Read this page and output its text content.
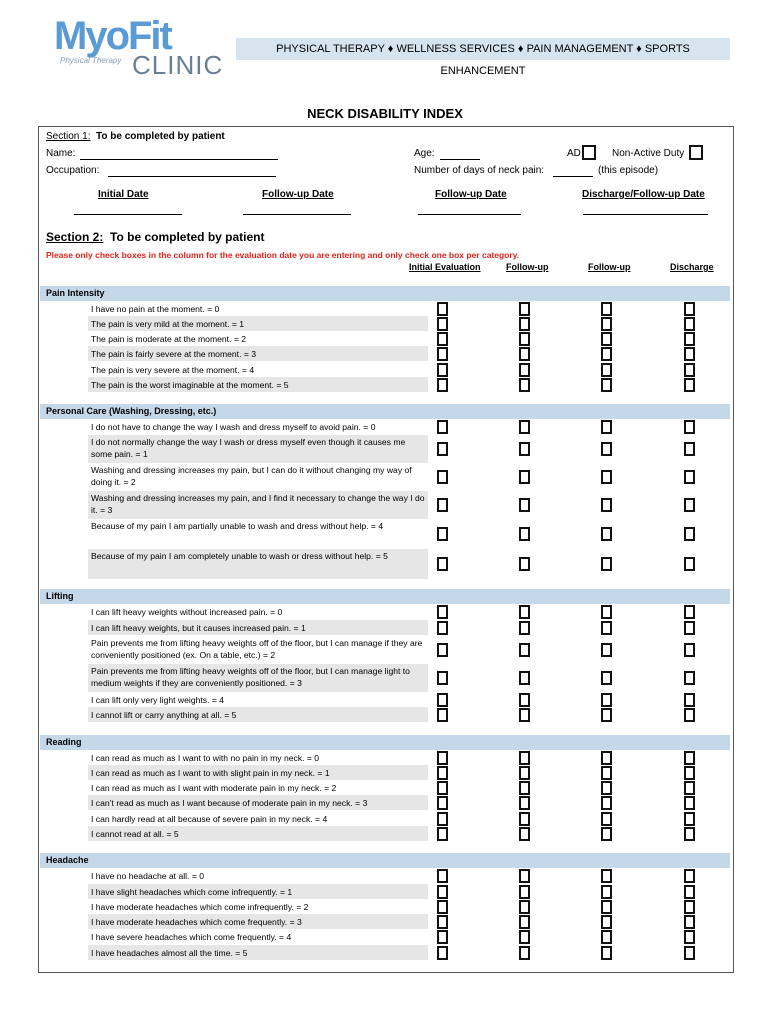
MyoFit
Physical Therapy CLINIC
PHYSICAL THERAPY ♦ WELLNESS SERVICES ♦ PAIN MANAGEMENT ♦ SPORTS ENHANCEMENT
NECK DISABILITY INDEX
Section 1: To be completed by patient
Name:
Occupation:
Age:
Number of days of neck pain:	(this episode)
AD	Non-Active Duty
Initial Date	Follow-up Date	Follow-up Date	Discharge/Follow-up Date
Section 2: To be completed by patient
Please only check boxes in the column for the evaluation date you are entering and only check one box per category.
Initial Evaluation	Follow-up	Follow-up	Discharge
Pain Intensity
I have no pain at the moment. = 0
The pain is very mild at the moment. = 1
The pain is moderate at the moment. = 2
The pain is fairly severe at the moment. = 3
The pain is very severe at the moment. = 4
The pain is the worst imaginable at the moment. = 5
Personal Care (Washing, Dressing, etc.)
I do not have to change the way I wash and dress myself to avoid pain. = 0
I do not normally change the way I wash or dress myself even though it causes me some pain. = 1
Washing and dressing increases my pain, but I can do it without changing my way of doing it. = 2
Washing and dressing increases my pain, and I find it necessary to change the way I do it. = 3
Because of my pain I am partially unable to wash and dress without help. = 4
Because of my pain I am completely unable to wash or dress without help. = 5
Lifting
I can lift heavy weights without increased pain. = 0
I can lift heavy weights, but it causes increased pain. = 1
Pain prevents me from lifting heavy weights off of the floor, but I can manage if they are conveniently positioned (ex. On a table, etc.) = 2
Pain prevents me from lifting heavy weights off of the floor, but I can manage light to medium weights if they are conveniently positioned. = 3
I can lift only very light weights. = 4
I cannot lift or carry anything at all. = 5
Reading
I can read as much as I want to with no pain in my neck. = 0
I can read as much as I want to with slight pain in my neck. = 1
I can read as much as I want with moderate pain in my neck. = 2
I can’t read as much as I want because of moderate pain in my neck. = 3
I can hardly read at all because of severe pain in my neck. = 4
I cannot read at all. = 5
Headache
I have no headache at all. = 0
I have slight headaches which come infrequently. = 1
I have moderate headaches which come infrequently. = 2
I have moderate headaches which come frequently. = 3
I have severe headaches which come frequently. = 4
I have headaches almost all the time. = 5
